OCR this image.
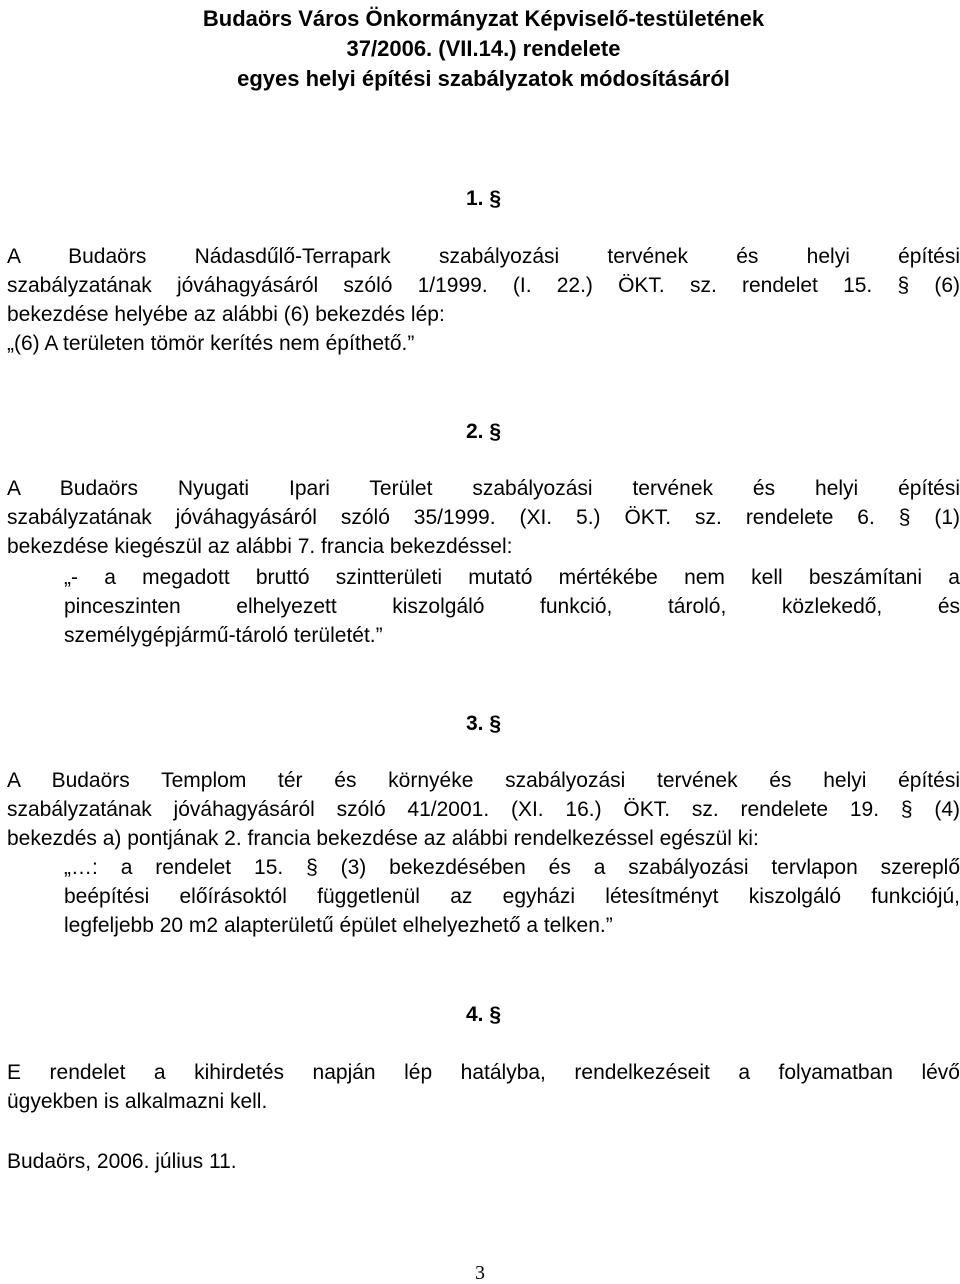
Budaörs Város Önkormányzat Képviselő-testületének
37/2006. (VII.14.) rendelete
egyes helyi építési szabályzatok módosításáról
1. §
A Budaörs Nádasdűlő-Terrapark szabályozási tervének és helyi építési
szabályzatának jóváhagyásáról szóló 1/1999. (I. 22.) ÖKT. sz. rendelet 15. § (6)
bekezdése helyébe az alábbi (6) bekezdés lép:
„(6) A területen tömör kerítés nem építhető.”
2. §
A Budaörs Nyugati Ipari Terület szabályozási tervének és helyi építési
szabályzatának jóváhagyásáról szóló 35/1999. (XI. 5.) ÖKT. sz. rendelete 6. § (1)
bekezdése kiegészül az alábbi 7. francia bekezdéssel:
„- a megadott bruttó szintterületi mutató mértékébe nem kell beszámítani a
pinceszinten elhelyezett kiszolgáló funkció, tároló, közlekedő, és
személygépjármű-tároló területét.”
3. §
A Budaörs Templom tér és környéke szabályozási tervének és helyi építési
szabályzatának jóváhagyásáról szóló 41/2001. (XI. 16.) ÖKT. sz. rendelete 19. § (4)
bekezdés a) pontjának 2. francia bekezdése az alábbi rendelkezéssel egészül ki:
„…: a rendelet 15. § (3) bekezdésében és a szabályozási tervlapon szereplő
beépítési előírásoktól függetlenül az egyházi létesítményt kiszolgáló funkciójú,
legfeljebb 20 m2 alapterületű épület elhelyezhető a telken.”
4. §
E rendelet a kihirdetés napján lép hatályba, rendelkezéseit a folyamatban lévő
ügyekben is alkalmazni kell.
Budaörs, 2006. július 11.
3
